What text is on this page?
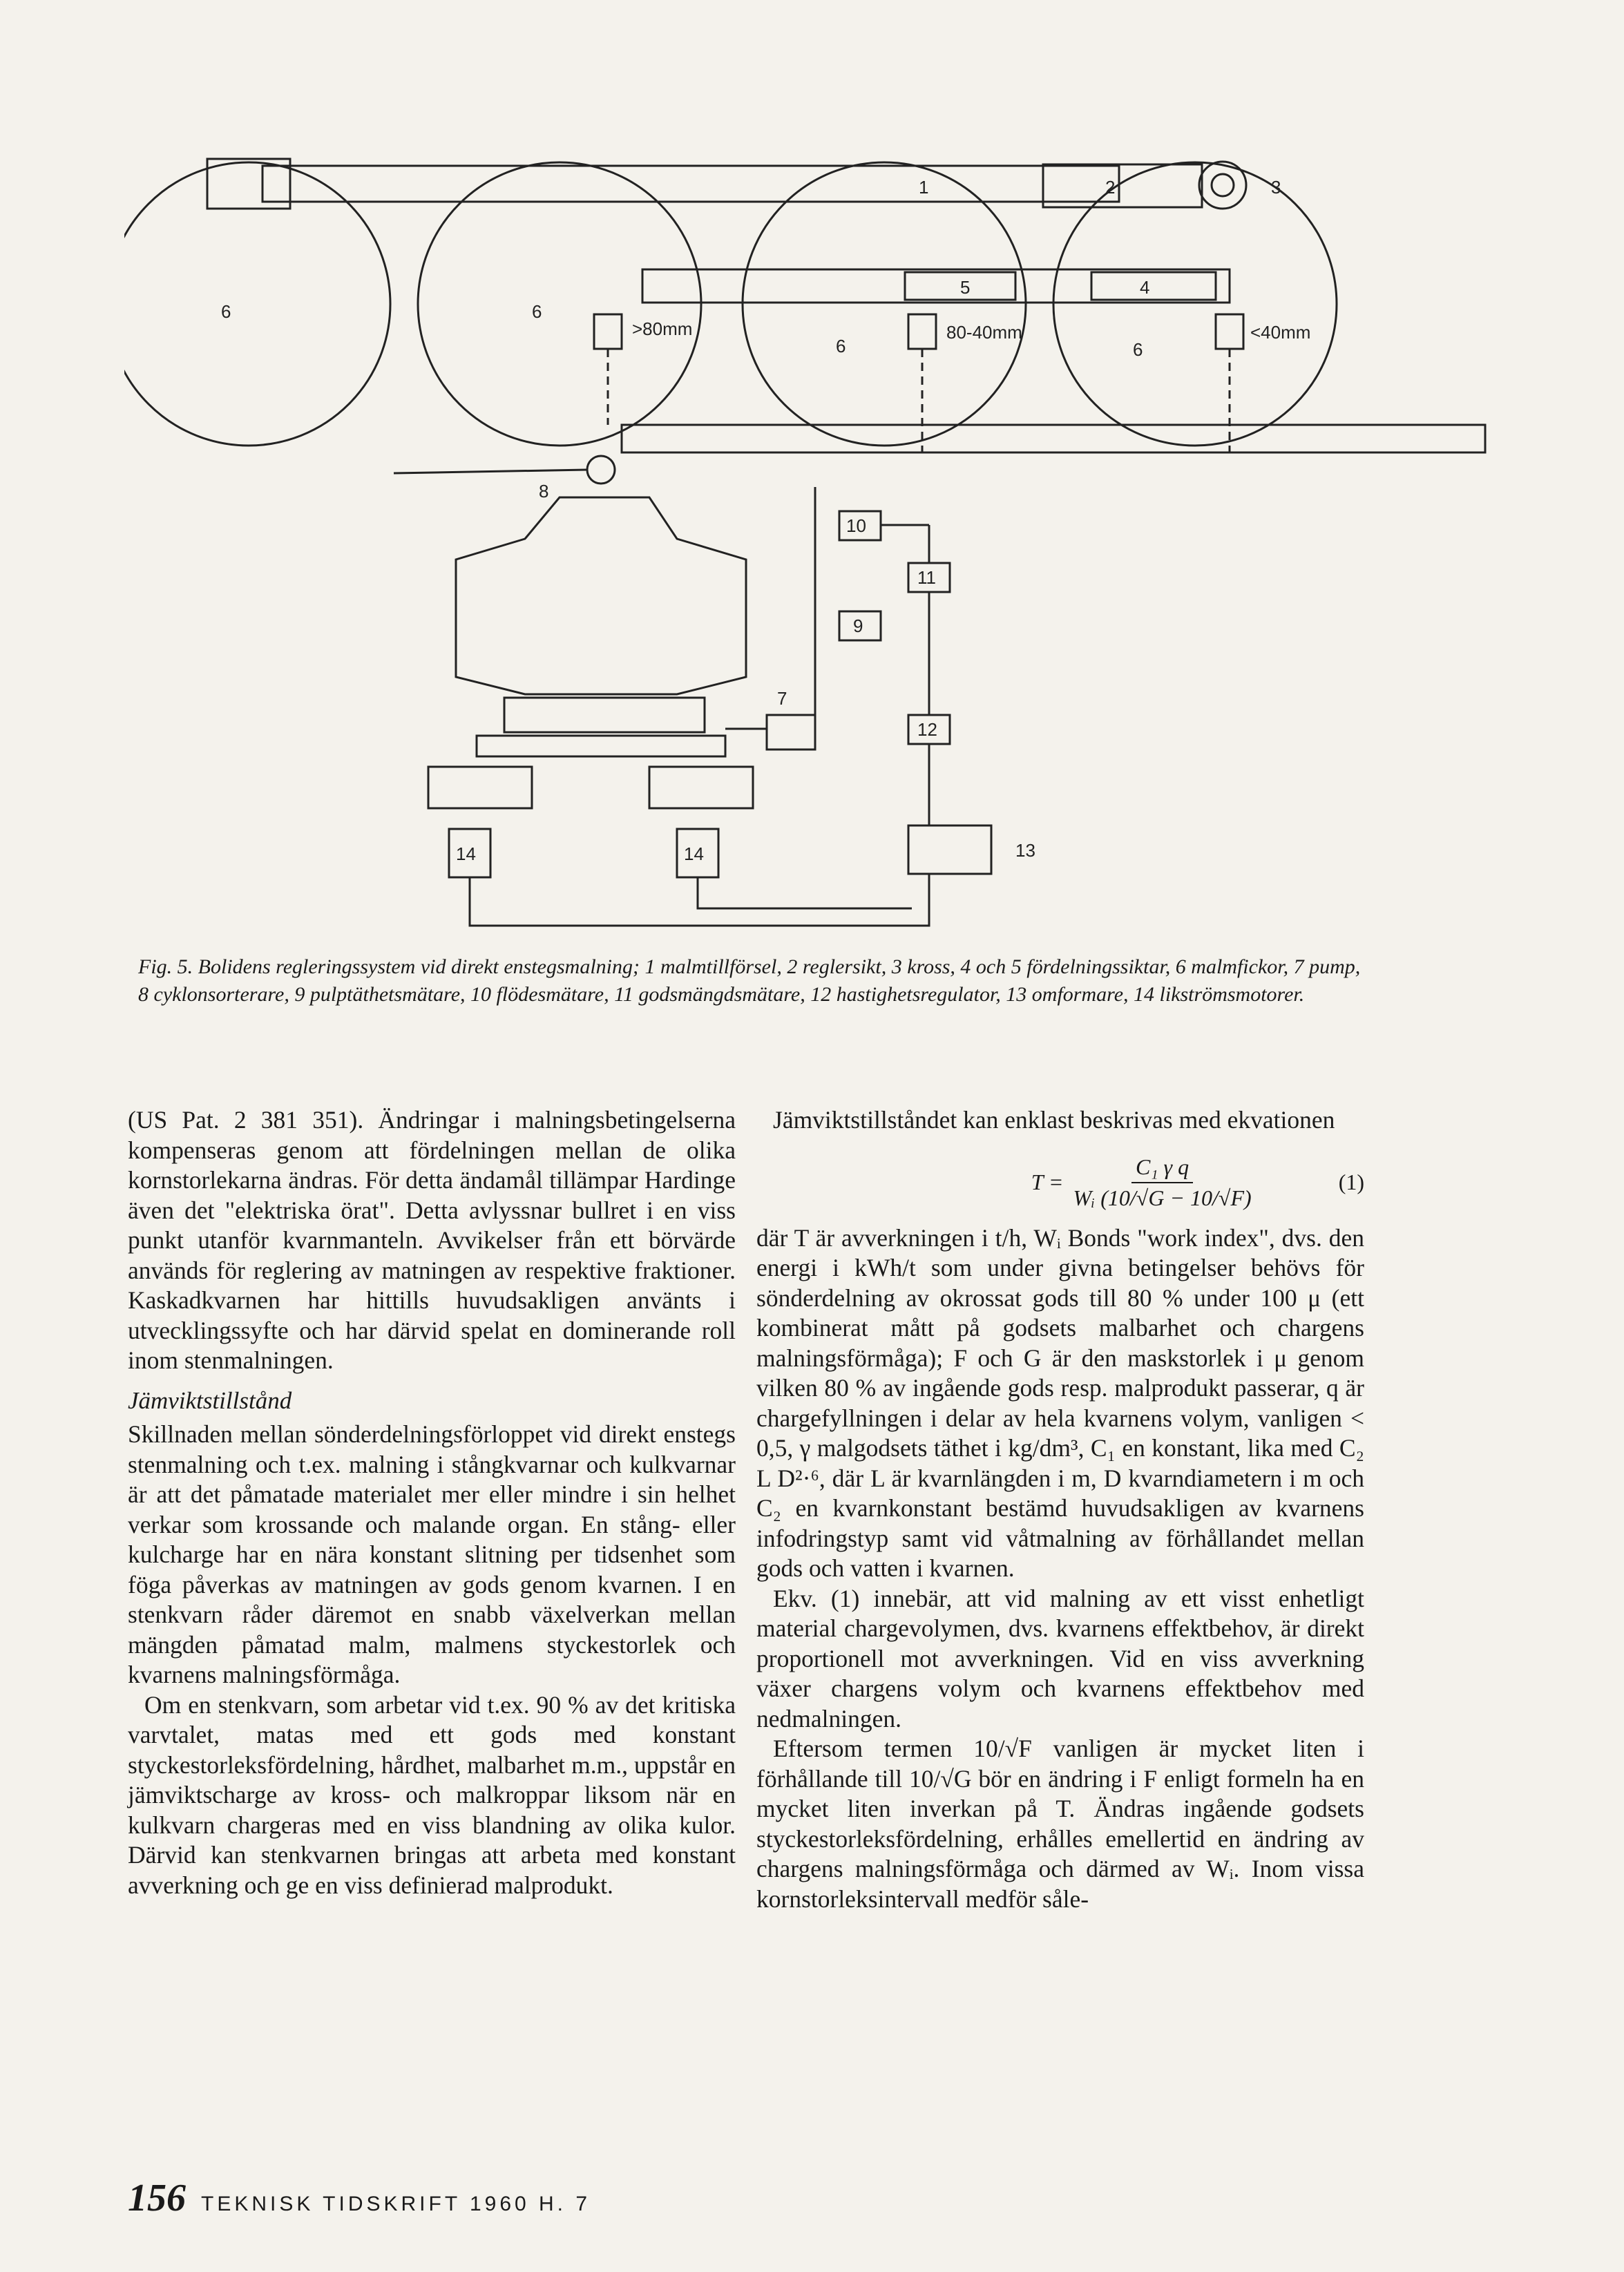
1	2	3
4
5
6	6
6	6
7
8
9
10
11
12
13
14	14
>80mm	80-40mm	<40mm
Fig. 5. Bolidens regleringssystem vid direkt enstegsmalning; 1 malmtillförsel, 2 reglersikt, 3 kross, 4 och 5 fördelningssiktar, 6 malmfickor, 7 pump, 8 cyklonsorterare, 9 pulptäthetsmätare, 10 flödesmätare, 11 godsmängdsmätare, 12 hastighetsregulator, 13 omformare, 14 likströmsmotorer.

(US Pat. 2 381 351). Ändringar i malningsbetingelserna kompenseras genom att fördelningen mellan de olika kornstorlekarna ändras. För detta ändamål tillämpar Hardinge även det "elektriska örat". Detta avlyssnar bullret i en viss punkt utanför kvarnmanteln. Avvikelser från ett börvärde används för reglering av matningen av respektive fraktioner. Kaskadkvarnen har hittills huvudsakligen använts i utvecklingssyfte och har därvid spelat en dominerande roll inom stenmalningen.

Jämviktstillstånd

Skillnaden mellan sönderdelningsförloppet vid direkt enstegs stenmalning och t.ex. malning i stångkvarnar och kulkvarnar är att det påmatade materialet mer eller mindre i sin helhet verkar som krossande och malande organ. En stång- eller kulcharge har en nära konstant slitning per tidsenhet som föga påverkas av matningen av gods genom kvarnen. I en stenkvarn råder däremot en snabb växelverkan mellan mängden påmatad malm, malmens styckestorlek och kvarnens malningsförmåga.

Om en stenkvarn, som arbetar vid t.ex. 90 % av det kritiska varvtalet, matas med ett gods med konstant styckestorleksfördelning, hårdhet, malbarhet m.m., uppstår en jämviktscharge av kross- och malkroppar liksom när en kulkvarn chargeras med en viss blandning av olika kulor. Därvid kan stenkvarnen bringas att arbeta med konstant avverkning och ge en viss definierad malprodukt.

Jämviktstillståndet kan enklast beskrivas med ekvationen

$T = \frac{\text{C₁ γ q}}{\text{Wᵢ (10/√G − 10/√F)}}$	(1)

där T är avverkningen i t/h, Wᵢ Bonds "work index", dvs. den energi i kWh/t som under givna betingelser behövs för sönderdelning av okrossat gods till 80 % under 100 μ (ett kombinerat mått på godsets malbarhet och chargens malningsförmåga); F och G är den maskstorlek i μ genom vilken 80 % av ingående gods resp. malprodukt passerar, q är chargefyllningen i delar av hela kvarnens volym, vanligen < 0,5, γ malgodsets täthet i kg/dm³, C₁ en konstant, lika med C₂ L D²·⁶, där L är kvarnlängden i m, D kvarndiametern i m och C₂ en kvarnkonstant bestämd huvudsakligen av kvarnens infodringstyp samt vid våtmalning av förhållandet mellan gods och vatten i kvarnen.

Ekv. (1) innebär, att vid malning av ett visst enhetligt material chargevolymen, dvs. kvarnens effektbehov, är direkt proportionell mot avverkningen. Vid en viss avverkning växer chargens volym och kvarnens effektbehov med nedmalningen.

Eftersom termen 10/√F vanligen är mycket liten i förhållande till 10/√G bör en ändring i F enligt formeln ha en mycket liten inverkan på T. Ändras ingående godsets styckestorleksfördelning, erhålles emellertid en ändring av chargens malningsförmåga och därmed av Wᵢ. Inom vissa kornstorleksintervall medför såle-

156 TEKNISK TIDSKRIFT 1960 H. 7
